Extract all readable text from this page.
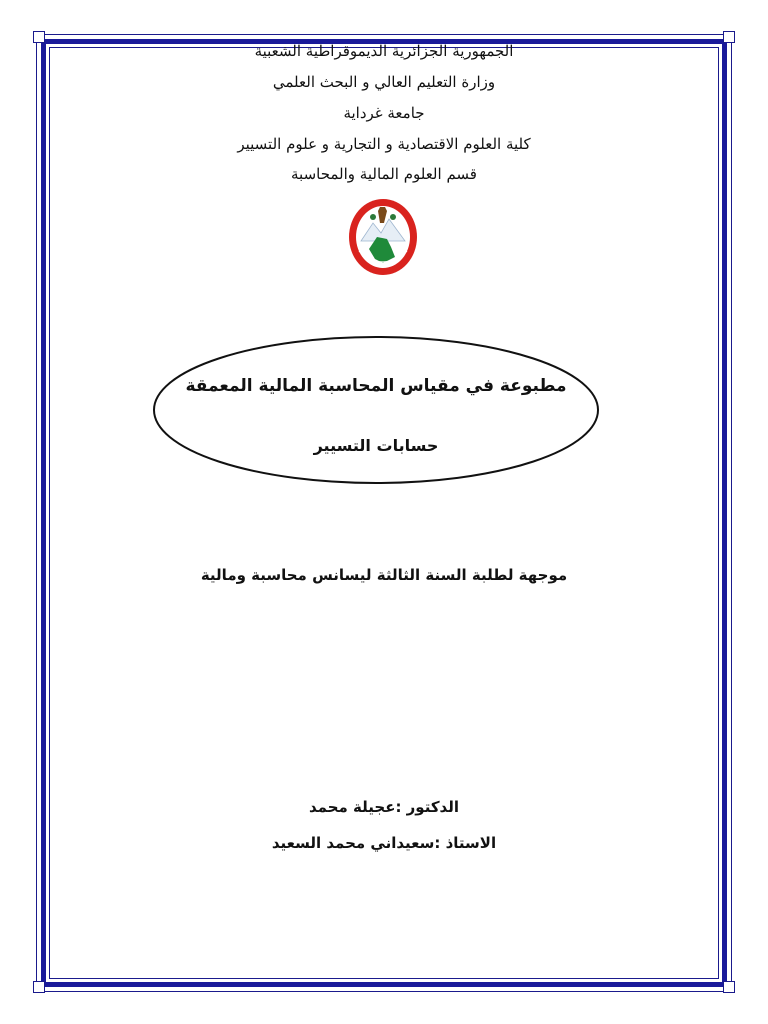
الجمهورية الجزائرية الديموقراطية الشعبية
وزارة التعليم العالي و البحث العلمي
جامعة غرداية
كلية العلوم الاقتصادية و التجارية و علوم التسيير
قسم العلوم المالية والمحاسبة
مطبوعة في مقياس المحاسبة المالية المعمقة
حسابات التسيير
موجهة لطلبة السنة الثالثة ليسانس محاسبة ومالية
الدكتور :عجيلة محمد
الاستاذ :سعيداني محمد السعيد
